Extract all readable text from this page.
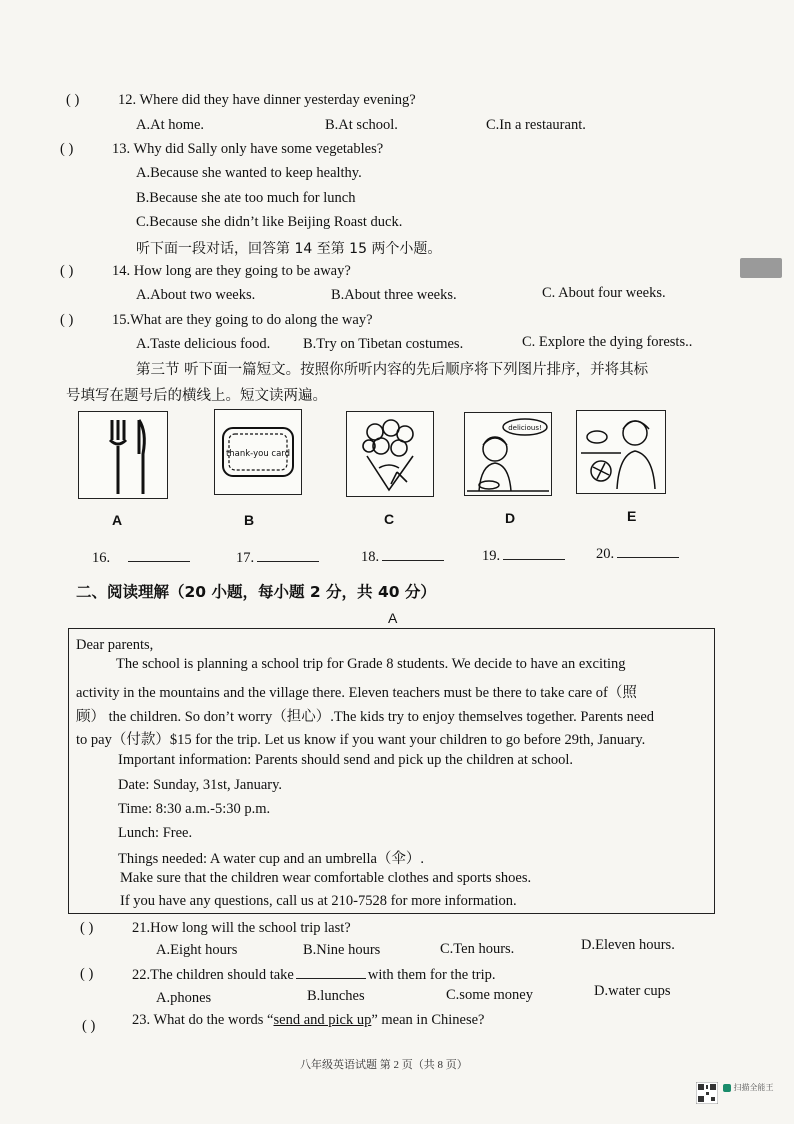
( )	12. Where did they have dinner yesterday evening?
A.At home.	B.At school.	C.In a restaurant.
( )	13. Why did Sally only have some vegetables?
A.Because she wanted to keep healthy.
B.Because she ate too much for lunch
C.Because she didn’t like Beijing Roast duck.
听下面一段对话，回答第 14 至第 15 两个小题。
( )	14. How long are they going to be away?
A.About two weeks.	B.About three weeks.	C. About four weeks.
( )	15.What are they going to do along the way?
A.Taste delicious food. B.Try on Tibetan costumes.	C. Explore the dying forests..
第三节 听下面一篇短文。按照你所听内容的先后顺序将下列图片排序，并将其标
号填写在题号后的横线上。短文读两遍。
thank-you card
delicious!
A	B	C	D	E
16.	17.	18.	19.	20.
二、阅读理解（20 小题，每小题 2 分，共 40 分）
A
Dear parents,
The school is planning a school trip for Grade 8 students. We decide to have an exciting
activity in the mountains and the village there. Eleven teachers must be there to take care of（照
顾） the children. So don’t worry（担心）.The kids try to enjoy themselves together. Parents need
to pay（付款）$15 for the trip. Let us know if you want your children to go before 29th, January.
Important information: Parents should send and pick up the children at school.
Date: Sunday, 31st, January.
Time: 8:30 a.m.-5:30 p.m.
Lunch: Free.
Things needed: A water cup and an umbrella（伞）.
Make sure that the children wear comfortable clothes and sports shoes.
If you have any questions, call us at 210-7528 for more information.
( )	21.How long will the school trip last?
A.Eight hours	B.Nine hours	C.Ten hours.	D.Eleven hours.
( )	22.The children should take	with them for the trip.
A.phones	B.lunches	C.some money	D.water cups
( )	23. What do the words “send and pick up” mean in Chinese?
八年级英语试题 第 2 页（共 8 页）
扫描全能王
